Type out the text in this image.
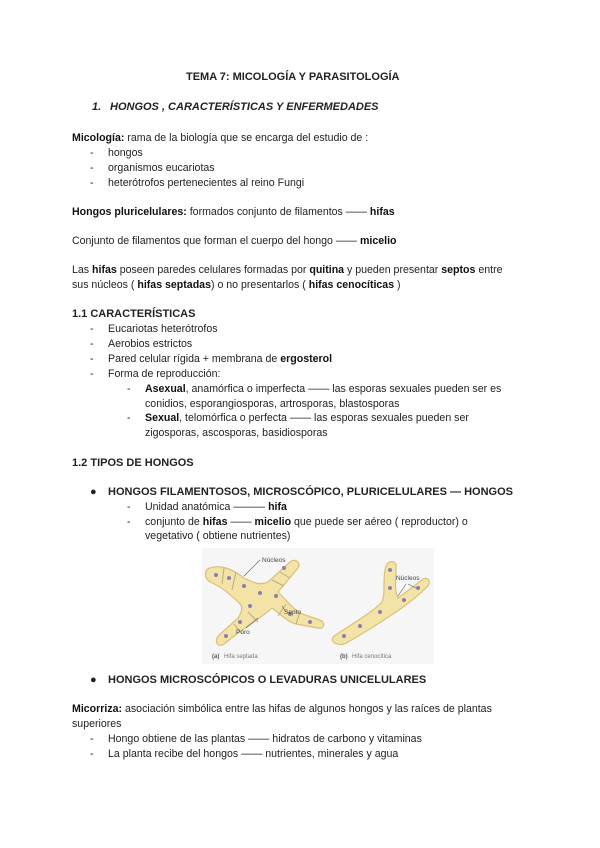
TEMA 7: MICOLOGÍA Y PARASITOLOGÍA
1. HONGOS , CARACTERÍSTICAS Y ENFERMEDADES
Micología: rama de la biología que se encarga del estudio de :
-	hongos
-	organismos eucariotas
-	heterótrofos pertenecientes al reino Fungi
Hongos pluricelulares: formados conjunto de filamentos —— hifas
Conjunto de filamentos que forman el cuerpo del hongo —— micelio
Las hifas poseen paredes celulares formadas por quitina y pueden presentar septos entre
sus núcleos ( hifas septadas) o no presentarlos ( hifas cenocíticas )
1.1 CARACTERÍSTICAS
-	Eucariotas heterótrofos
-	Aerobios estrictos
-	Pared celular rígida + membrana de ergosterol
-	Forma de reproducción:
-	Asexual, anamórfica o imperfecta —— las esporas sexuales pueden ser es
conidios, esporangiosporas, artrosporas, blastosporas
-	Sexual, telomórfica o perfecta —— las esporas sexuales pueden ser
zigosporas, ascosporas, basidiosporas
1.2 TIPOS DE HONGOS
● HONGOS FILAMENTOSOS, MICROSCÓPICO, PLURICELULARES — HONGOS
-	Unidad anatómica ——— hifa
-	conjunto de hifas —— micelio que puede ser aéreo ( reproductor) o
vegetativo ( obtiene nutrientes)
Núcleos
Septo
Poro
(a) Hifa septada
Núcleos
(b) Hifa cenocítica
● HONGOS MICROSCÓPICOS O LEVADURAS UNICELULARES
Micorriza: asociación simbólica entre las hifas de algunos hongos y las raíces de plantas
superiores
-	Hongo obtiene de las plantas —— hidratos de carbono y vitaminas
-	La planta recibe del hongos —— nutrientes, minerales y agua
